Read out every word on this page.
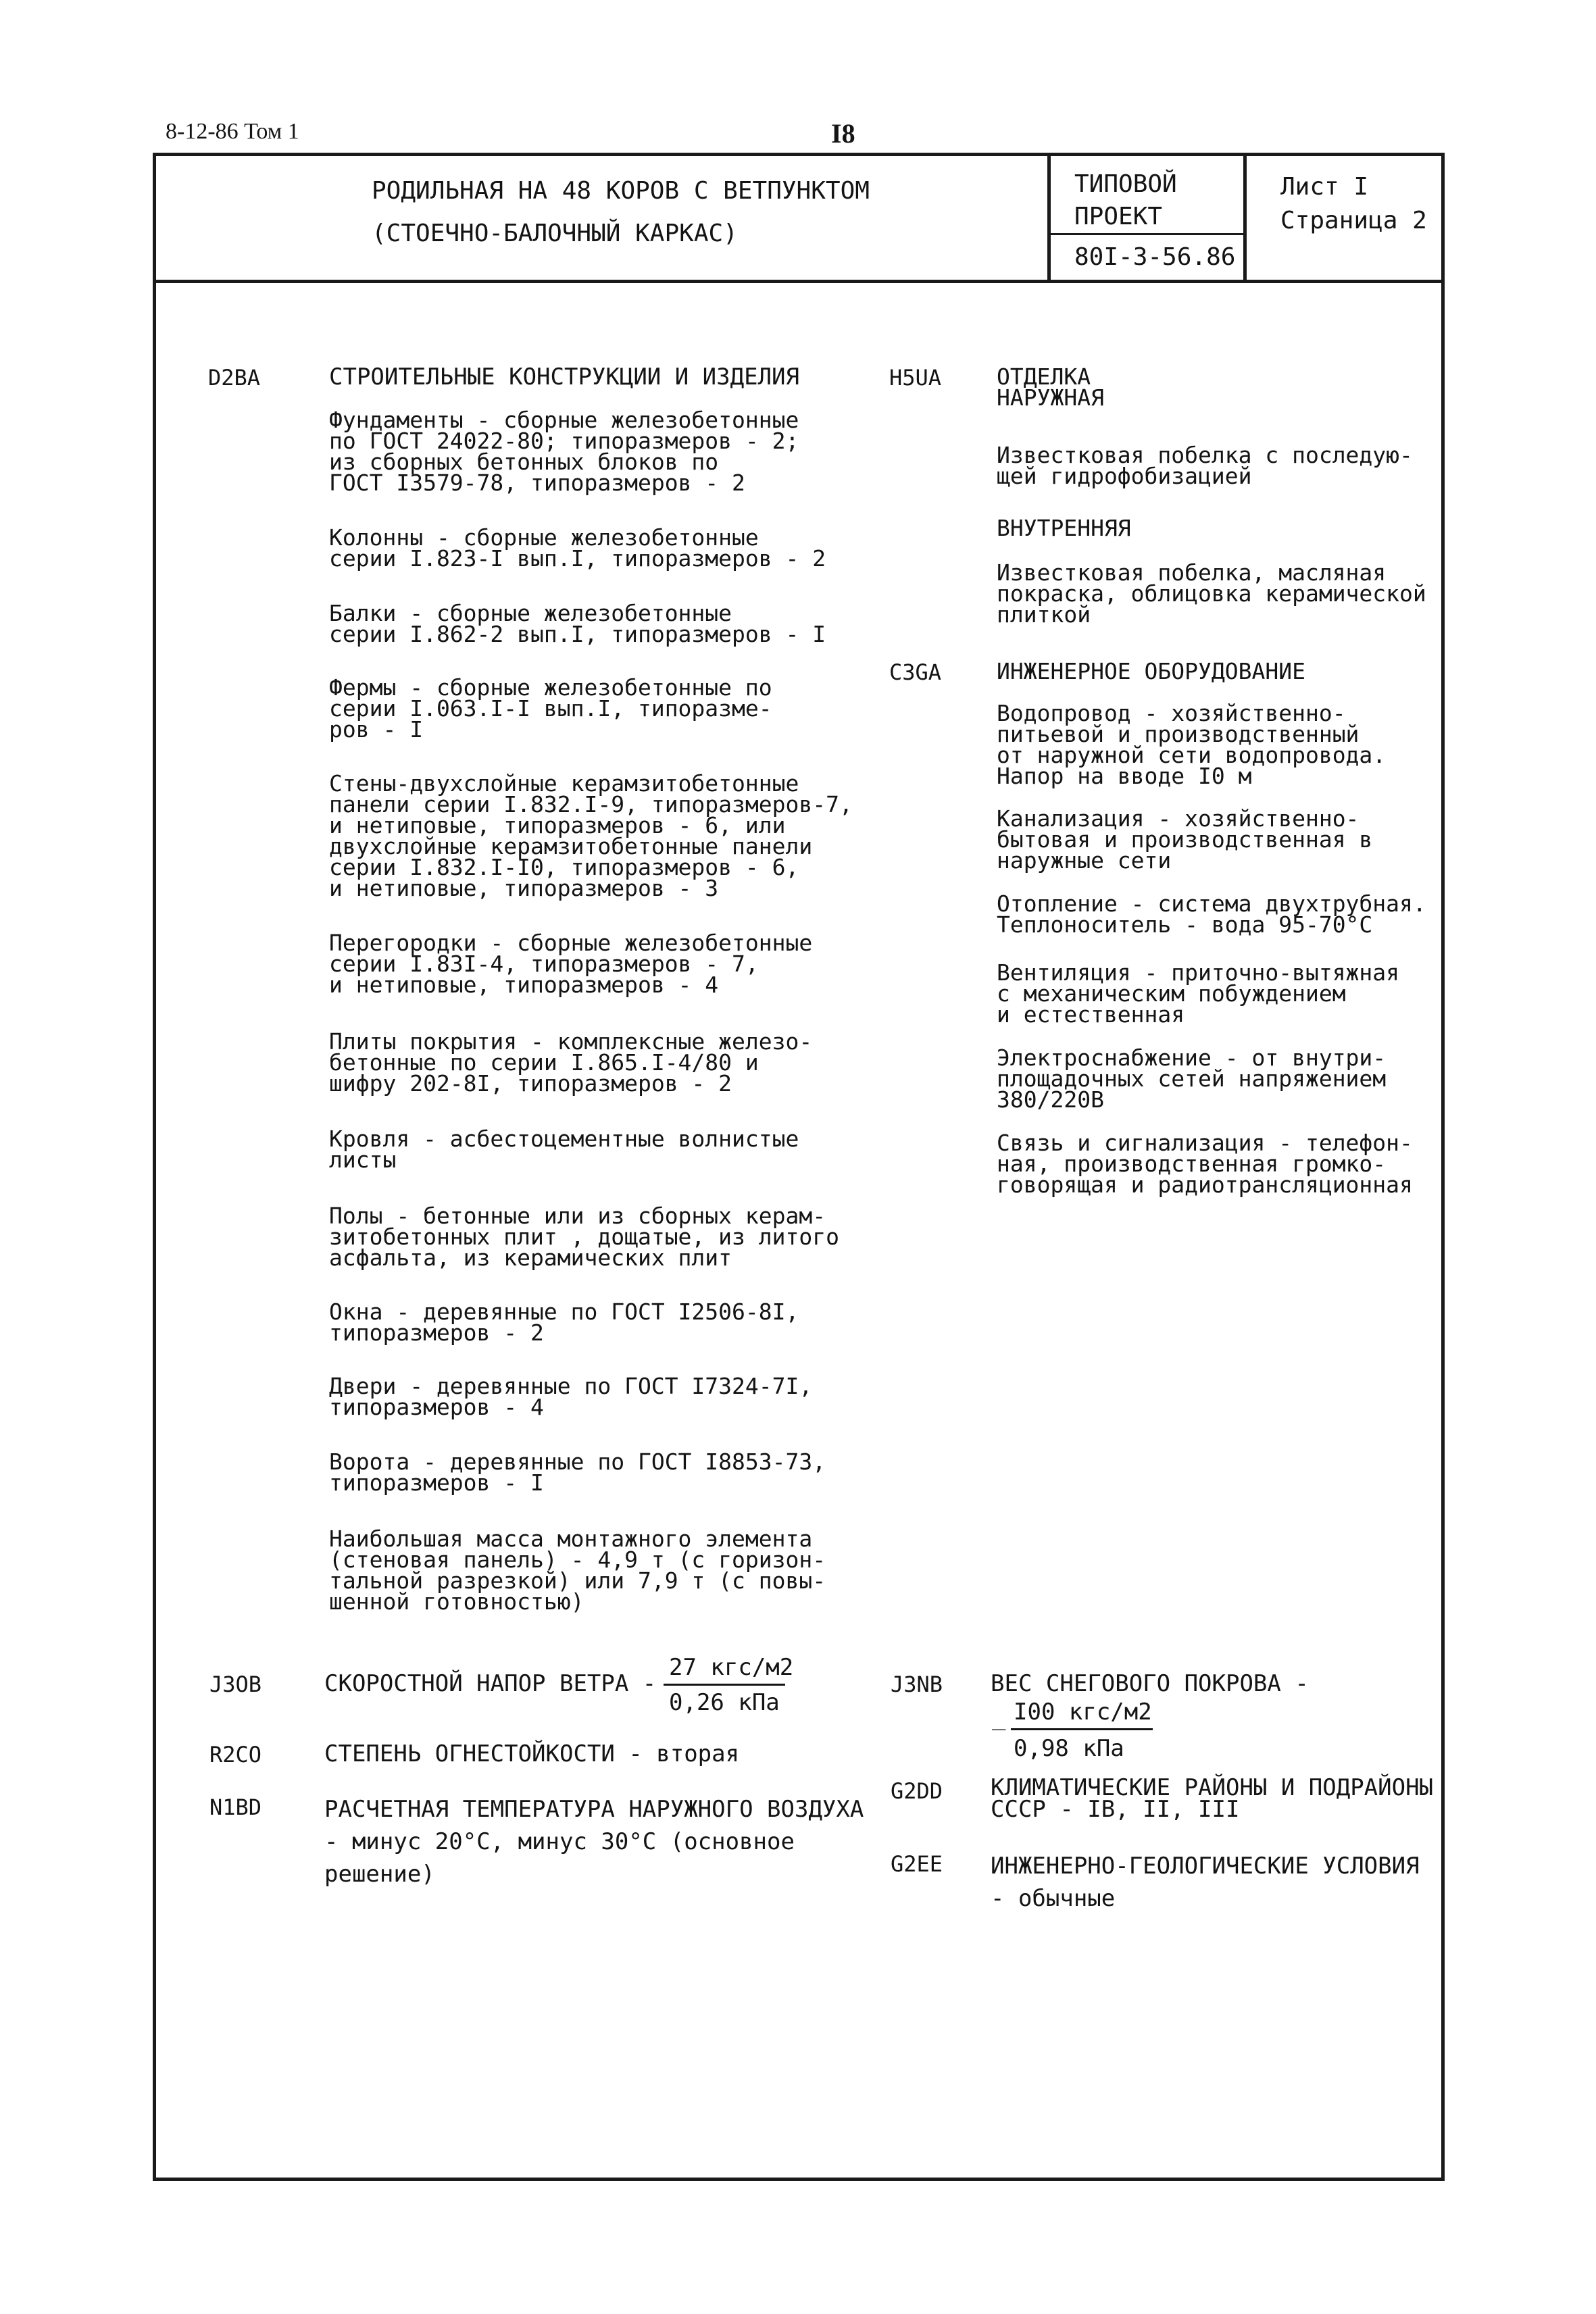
8-12-86 Том 1	I8
РОДИЛЬНАЯ НА 48 КОРОВ С ВЕТПУНКТОМ
(СТОЕЧНО-БАЛОЧНЫЙ КАРКАС)
ТИПОВОЙ
ПРОЕКТ
80I-3-56.86
Лист I
Страница 2
D2BA	СТРОИТЕЛЬНЫЕ КОНСТРУКЦИИ И ИЗДЕЛИЯ
Фундаменты - сборные железобетонные
по ГОСТ 24022-80; типоразмеров - 2;
из сборных бетонных блоков по
ГОСТ I3579-78, типоразмеров - 2
Колонны - сборные железобетонные
серии I.823-I вып.I, типоразмеров - 2
Балки - сборные железобетонные
серии I.862-2 вып.I, типоразмеров - I
Фермы - сборные железобетонные по
серии I.063.I-I вып.I, типоразме-
ров - I
Стены-двухслойные керамзитобетонные
панели серии I.832.I-9, типоразмеров-7,
и нетиповые, типоразмеров - 6, или
двухслойные керамзитобетонные панели
серии I.832.I-I0, типоразмеров - 6,
и нетиповые, типоразмеров - 3
Перегородки - сборные железобетонные
серии I.83I-4, типоразмеров - 7,
и нетиповые, типоразмеров - 4
Плиты покрытия - комплексные железо-
бетонные по серии I.865.I-4/80 и
шифру 202-8I, типоразмеров - 2
Кровля - асбестоцементные волнистые
листы
Полы - бетонные или из сборных керам-
зитобетонных плит , дощатые, из литого
асфальта, из керамических плит
Окна - деревянные по ГОСТ I2506-8I,
типоразмеров - 2
Двери - деревянные по ГОСТ I7324-7I,
типоразмеров - 4
Ворота - деревянные по ГОСТ I8853-73,
типоразмеров - I
Наибольшая масса монтажного элемента
(стеновая панель) - 4,9 т (с горизон-
тальной разрезкой) или 7,9 т (с повы-
шенной готовностью)
H5UA ОТДЕЛКА
НАРУЖНАЯ
Известковая побелка с последую-
щей гидрофобизацией
ВНУТРЕННЯЯ
Известковая побелка, масляная
покраска, облицовка керамической
плиткой
C3GA ИНЖЕНЕРНОЕ ОБОРУДОВАНИЕ
Водопровод - хозяйственно-
питьевой и производственный
от наружной сети водопровода.
Напор на вводе I0 м
Канализация - хозяйственно-
бытовая и производственная в
наружные сети
Отопление - система двухтрубная.
Теплоноситель - вода 95-70°С
Вентиляция - приточно-вытяжная
с механическим побуждением
и естественная
Электроснабжение - от внутри-
площадочных сетей напряжением
380/220В
Связь и сигнализация - телефон-
ная, производственная громко-
говорящая и радиотрансляционная
J3OB	СКОРОСТНОЙ НАПОР ВЕТРА -
27 кгс/м2
0,26 кПа
R2CO	СТЕПЕНЬ ОГНЕСТОЙКОСТИ - вторая
N1BD	РАСЧЕТНАЯ ТЕМПЕРАТУРА НАРУЖНОГО ВОЗДУХА
- минус 20°С, минус 30°С (основное
решение)
J3NB ВЕС СНЕГОВОГО ПОКРОВА -
_ I00 кгс/м2
0,98 кПа
G2DD КЛИМАТИЧЕСКИЕ РАЙОНЫ И ПОДРАЙОНЫ
СССР - IB, II, III
G2EE ИНЖЕНЕРНО-ГЕОЛОГИЧЕСКИЕ УСЛОВИЯ
- обычные
